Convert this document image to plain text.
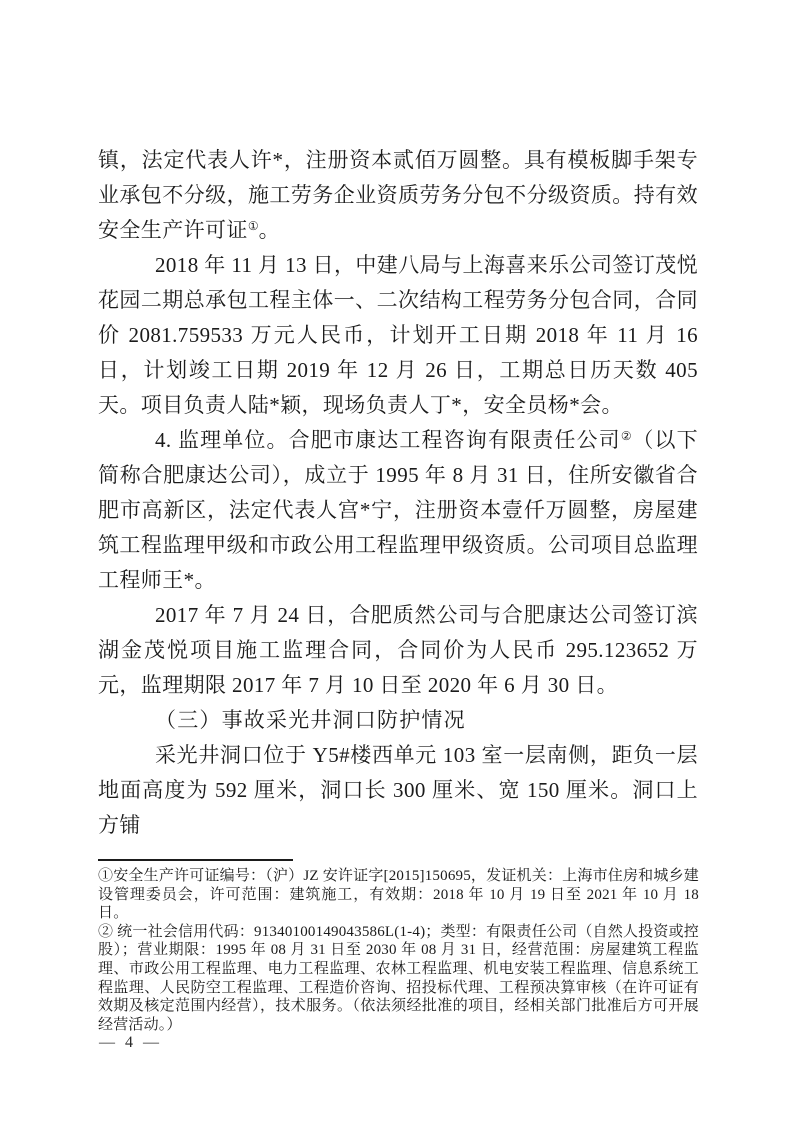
镇，法定代表人许*，注册资本贰佰万圆整。具有模板脚手架专业承包不分级，施工劳务企业资质劳务分包不分级资质。持有效安全生产许可证①。

2018 年 11 月 13 日，中建八局与上海喜来乐公司签订茂悦花园二期总承包工程主体一、二次结构工程劳务分包合同，合同价 2081.759533 万元人民币，计划开工日期 2018 年 11 月 16 日，计划竣工日期 2019 年 12 月 26 日，工期总日历天数 405 天。项目负责人陆*颖，现场负责人丁*，安全员杨*会。

4. 监理单位。合肥市康达工程咨询有限责任公司②（以下简称合肥康达公司），成立于 1995 年 8 月 31 日，住所安徽省合肥市高新区，法定代表人宫*宁，注册资本壹仟万圆整，房屋建筑工程监理甲级和市政公用工程监理甲级资质。公司项目总监理工程师王*。

2017 年 7 月 24 日，合肥质然公司与合肥康达公司签订滨湖金茂悦项目施工监理合同，合同价为人民币 295.123652 万元，监理期限 2017 年 7 月 10 日至 2020 年 6 月 30 日。

（三）事故采光井洞口防护情况

采光井洞口位于 Y5#楼西单元 103 室一层南侧，距负一层地面高度为 592 厘米，洞口长 300 厘米、宽 150 厘米。洞口上方铺

①安全生产许可证编号：（沪）JZ 安许证字[2015]150695，发证机关：上海市住房和城乡建设管理委员会，许可范围：建筑施工，有效期：2018 年 10 月 19 日至 2021 年 10 月 18 日。

② 统一社会信用代码：91340100149043586L(1-4)；类型：有限责任公司（自然人投资或控股）；营业期限：1995 年 08 月 31 日至 2030 年 08 月 31 日，经营范围：房屋建筑工程监理、市政公用工程监理、电力工程监理、农林工程监理、机电安装工程监理、信息系统工程监理、人民防空工程监理、工程造价咨询、招投标代理、工程预决算审核（在许可证有效期及核定范围内经营），技术服务。（依法须经批准的项目，经相关部门批准后方可开展经营活动。）

— 4 —
